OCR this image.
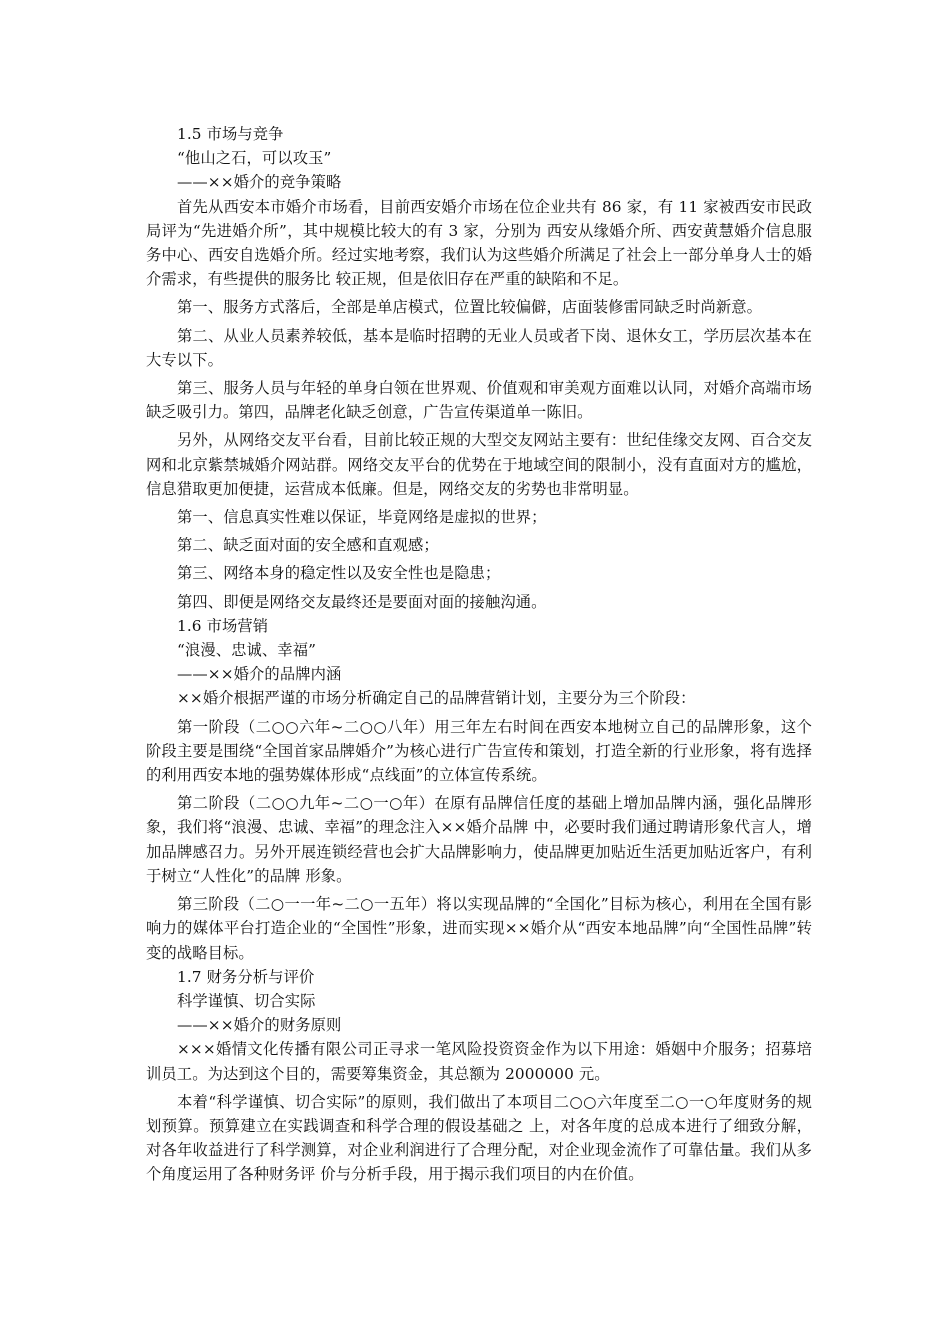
1.5 市场与竞争

“他山之石，可以攻玉”

——××婚介的竞争策略

首先从西安本市婚介市场看，目前西安婚介市场在位企业共有 86 家，有 11 家被西安市民政局评为“先进婚介所”，其中规模比较大的有 3 家，分别为 西安从缘婚介所、西安黄慧婚介信息服务中心、西安自选婚介所。经过实地考察，我们认为这些婚介所满足了社会上一部分单身人士的婚介需求，有些提供的服务比 较正规，但是依旧存在严重的缺陷和不足。

第一、服务方式落后，全部是单店模式，位置比较偏僻，店面装修雷同缺乏时尚新意。

第二、从业人员素养较低，基本是临时招聘的无业人员或者下岗、退休女工，学历层次基本在大专以下。

第三、服务人员与年轻的单身白领在世界观、价值观和审美观方面难以认同，对婚介高端市场缺乏吸引力。第四，品牌老化缺乏创意，广告宣传渠道单一陈旧。

另外，从网络交友平台看，目前比较正规的大型交友网站主要有：世纪佳缘交友网、百合交友网和北京紫禁城婚介网站群。网络交友平台的优势在于地域空间的限制小，没有直面对方的尴尬，信息猎取更加便捷，运营成本低廉。但是，网络交友的劣势也非常明显。

第一、信息真实性难以保证，毕竟网络是虚拟的世界；

第二、缺乏面对面的安全感和直观感；

第三、网络本身的稳定性以及安全性也是隐患；

第四、即便是网络交友最终还是要面对面的接触沟通。

1.6 市场营销

“浪漫、忠诚、幸福”

——××婚介的品牌内涵

××婚介根据严谨的市场分析确定自己的品牌营销计划，主要分为三个阶段：

第一阶段（二○○六年~二○○八年）用三年左右时间在西安本地树立自己的品牌形象，这个阶段主要是围绕“全国首家品牌婚介”为核心进行广告宣传和策划，打造全新的行业形象，将有选择的利用西安本地的强势媒体形成“点线面”的立体宣传系统。

第二阶段（二○○九年~二○一○年）在原有品牌信任度的基础上增加品牌内涵，强化品牌形象，我们将“浪漫、忠诚、幸福”的理念注入××婚介品牌 中，必要时我们通过聘请形象代言人，增加品牌感召力。另外开展连锁经营也会扩大品牌影响力，使品牌更加贴近生活更加贴近客户，有利于树立“人性化”的品牌 形象。

第三阶段（二○一一年~二○一五年）将以实现品牌的“全国化”目标为核心，利用在全国有影响力的媒体平台打造企业的“全国性”形象，进而实现××婚介从“西安本地品牌”向“全国性品牌”转变的战略目标。

1.7 财务分析与评价

科学谨慎、切合实际

——××婚介的财务原则

×××婚情文化传播有限公司正寻求一笔风险投资资金作为以下用途：婚姻中介服务；招募培训员工。为达到这个目的，需要筹集资金，其总额为 2000000 元。

本着“科学谨慎、切合实际”的原则，我们做出了本项目二○○六年度至二○一○年度财务的规划预算。预算建立在实践调查和科学合理的假设基础之 上，对各年度的总成本进行了细致分解，对各年收益进行了科学测算，对企业利润进行了合理分配，对企业现金流作了可靠估量。我们从多个角度运用了各种财务评 价与分析手段，用于揭示我们项目的内在价值。
